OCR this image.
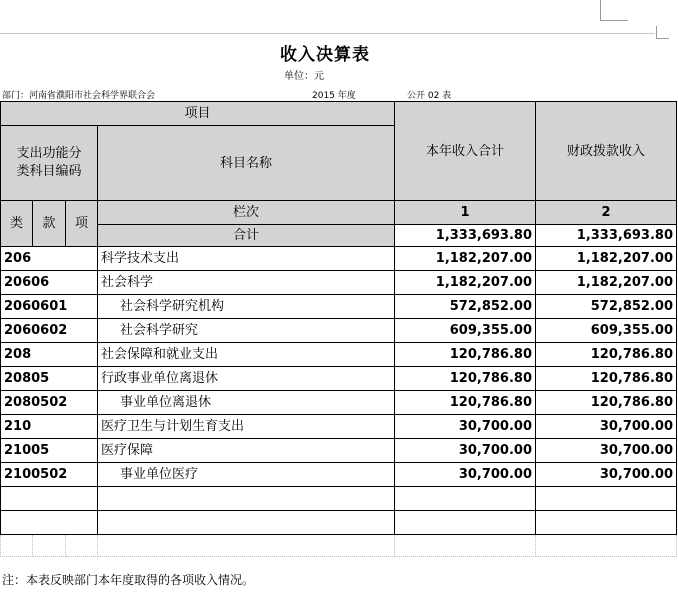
收入决算表
单位：元
部门：河南省濮阳市社会科学界联合会	2015 年度	公开 02 表
项目				本年收入合计	财政拨款收入
支出功能分类科目编码			科目名称		
类	款	项	栏次	1	2
			合计	1,333,693.80	1,333,693.80
206			科学技术支出	1,182,207.00	1,182,207.00
20606			社会科学	1,182,207.00	1,182,207.00
2060601			社会科学研究机构	572,852.00	572,852.00
2060602			社会科学研究	609,355.00	609,355.00
208			社会保障和就业支出	120,786.80	120,786.80
20805			行政事业单位离退休	120,786.80	120,786.80
2080502			事业单位离退休	120,786.80	120,786.80
210			医疗卫生与计划生育支出	30,700.00	30,700.00
21005			医疗保障	30,700.00	30,700.00
2100502			事业单位医疗	30,700.00	30,700.00

注：本表反映部门本年度取得的各项收入情况。
